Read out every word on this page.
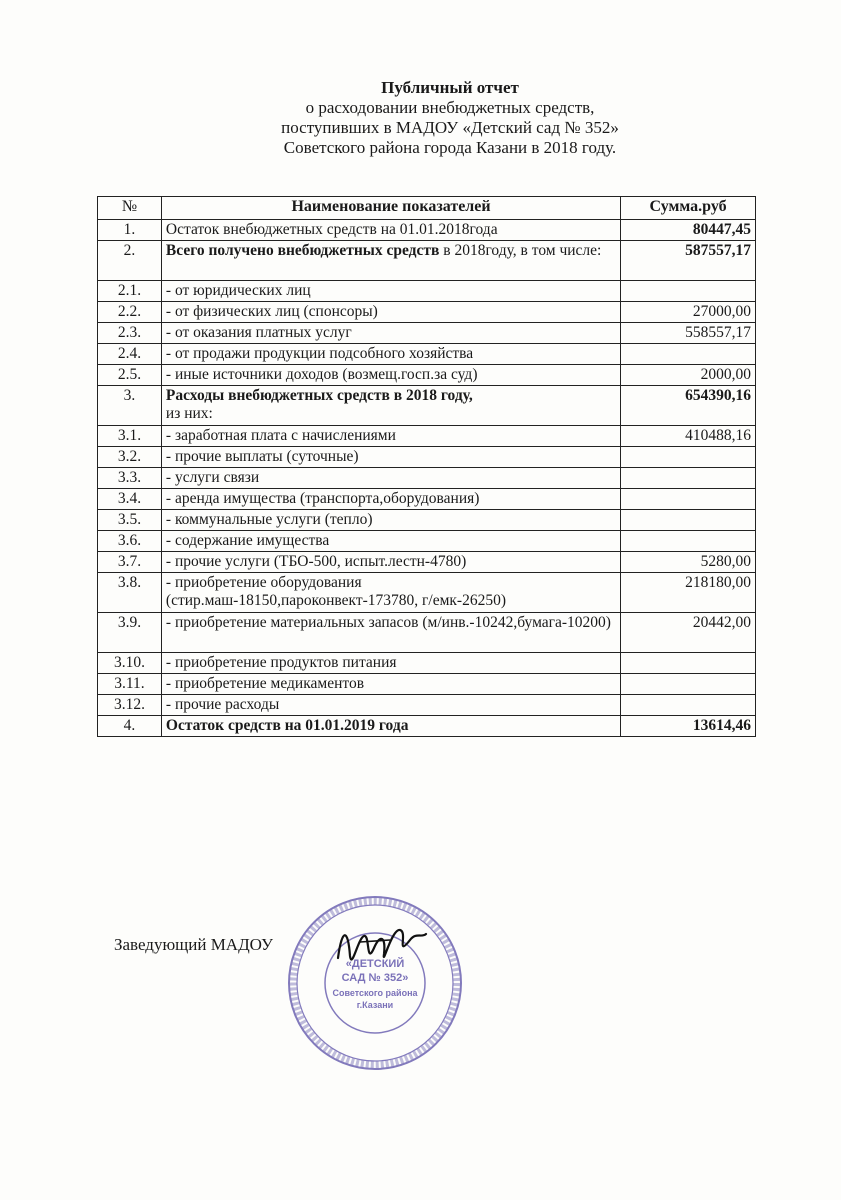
Публичный отчет
о расходовании внебюджетных средств,
поступивших в МАДОУ «Детский сад № 352»
Советского района города Казани в 2018 году.
№	Наименование показателей	Сумма.руб
1.	Остаток внебюджетных средств на 01.01.2018года	80447,45
2.	Всего получено внебюджетных средств в 2018году, в том числе:	587557,17
2.1.	- от юридических лиц	
2.2.	- от физических лиц (спонсоры)	27000,00
2.3.	- от оказания платных услуг	558557,17
2.4.	- от продажи продукции подсобного хозяйства	
2.5.	- иные источники доходов (возмещ.госп.за суд)	2000,00
3.	Расходы внебюджетных средств в 2018 году,
из них:	654390,16
3.1.	- заработная плата с начислениями	410488,16
3.2.	- прочие выплаты (суточные)	
3.3.	- услуги связи	
3.4.	- аренда имущества (транспорта,оборудования)	
3.5.	- коммунальные услуги (тепло)	
3.6.	- содержание имущества	
3.7.	- прочие услуги (ТБО-500, испыт.лестн-4780)	5280,00
3.8.	- приобретение оборудования (стир.маш-18150,пароконвект-173780, г/емк-26250)	218180,00
3.9.	- приобретение материальных запасов (м/инв.-10242,бумага-10200)	20442,00
3.10.	- приобретение продуктов питания	
3.11.	- приобретение медикаментов	
3.12.	- прочие расходы	
4.	Остаток средств на 01.01.2019 года	13614,46
Заведующий МАДОУ
«ДЕТСКИЙ
САД № 352»
Советского района
г.Казани
